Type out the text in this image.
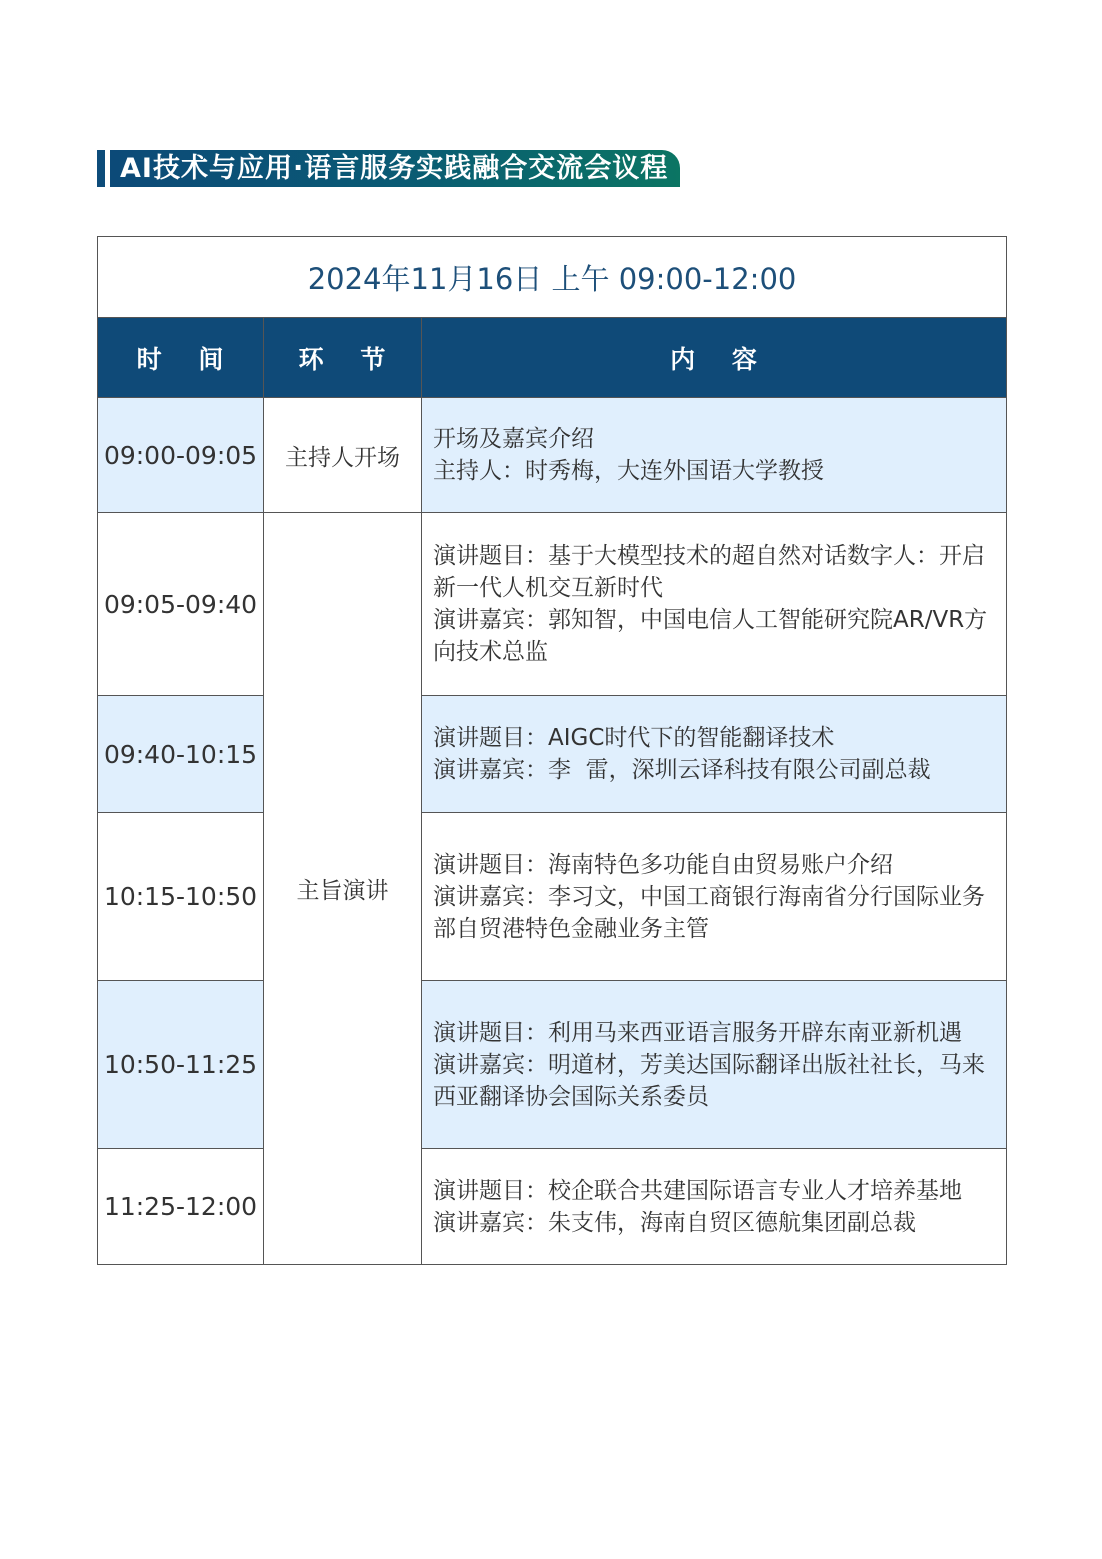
AI技术与应用·语言服务实践融合交流会议程
2024年11月16日 上午 09:00-12:00		
时 间	环 节	内 容
09:00-09:05	主持人开场	开场及嘉宾介绍
主持人：时秀梅，大连外国语大学教授

09:05-09:40	主旨演讲	演讲题目：基于大模型技术的超自然对话数字人：开启新一代人机交互新时代
演讲嘉宾：郭知智，中国电信人工智能研究院AR/VR方向技术总监

09:40-10:15		演讲题目：AIGC时代下的智能翻译技术
演讲嘉宾：李  雷，深圳云译科技有限公司副总裁

10:15-10:50		演讲题目：海南特色多功能自由贸易账户介绍
演讲嘉宾：李习文，中国工商银行海南省分行国际业务部自贸港特色金融业务主管

10:50-11:25		演讲题目：利用马来西亚语言服务开辟东南亚新机遇
演讲嘉宾：明道材，芳美达国际翻译出版社社长，马来西亚翻译协会国际关系委员

11:25-12:00		演讲题目：校企联合共建国际语言专业人才培养基地
演讲嘉宾：朱支伟，海南自贸区德航集团副总裁
